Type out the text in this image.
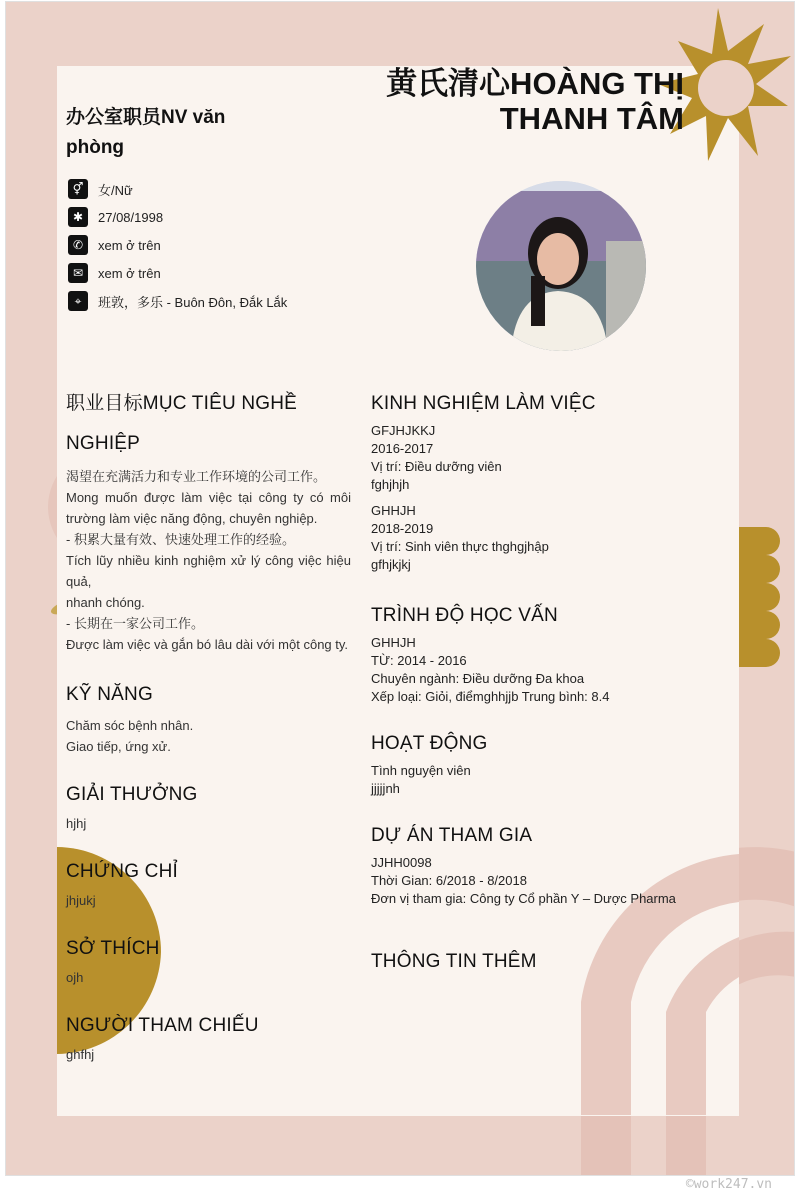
黄氏清心HOÀNG THỊ
THANH TÂM
办公室职员NV văn phòng
⚥	女/Nữ
✱	27/08/1998
✆	xem ở trên
✉	xem ở trên
⌖	班敦，多乐 - Buôn Đôn, Đắk Lắk
职业目标MỤC TIÊU NGHỀ NGHIỆP
渴望在充满活力和专业工作环境的公司工作。
Mong muốn được làm việc tại công ty có môi trường làm việc năng động, chuyên nghiệp.
- 积累大量有效、快速处理工作的经验。
Tích lũy nhiều kinh nghiệm xử lý công việc hiệu quả,
nhanh chóng.
- 长期在一家公司工作。
Được làm việc và gắn bó lâu dài với một công ty.
KỸ NĂNG
Chăm sóc bệnh nhân.
Giao tiếp, ứng xử.
GIẢI THƯỞNG
hjhj
CHỨNG CHỈ
jhjukj
SỞ THÍCH
ojh
NGƯỜI THAM CHIẾU
ghfhj
KINH NGHIỆM LÀM VIỆC
GFJHJKKJ
2016-2017
Vị trí: Điều dưỡng viên
fghjhjh
GHHJH
2018-2019
Vị trí: Sinh viên thực thghgjhập
gfhjkjkj
TRÌNH ĐỘ HỌC VẤN
GHHJH
TỪ: 2014 - 2016
Chuyên ngành: Điều dưỡng Đa khoa
Xếp loại: Giỏi, điểmghhjjb Trung bình: 8.4
HOẠT ĐỘNG
Tình nguyện viên
jjjjjnh
DỰ ÁN THAM GIA
JJHH0098
Thời Gian: 6/2018 - 8/2018
Đơn vị tham gia: Công ty Cổ phần Y – Dược Pharma
THÔNG TIN THÊM
©work247.vn
